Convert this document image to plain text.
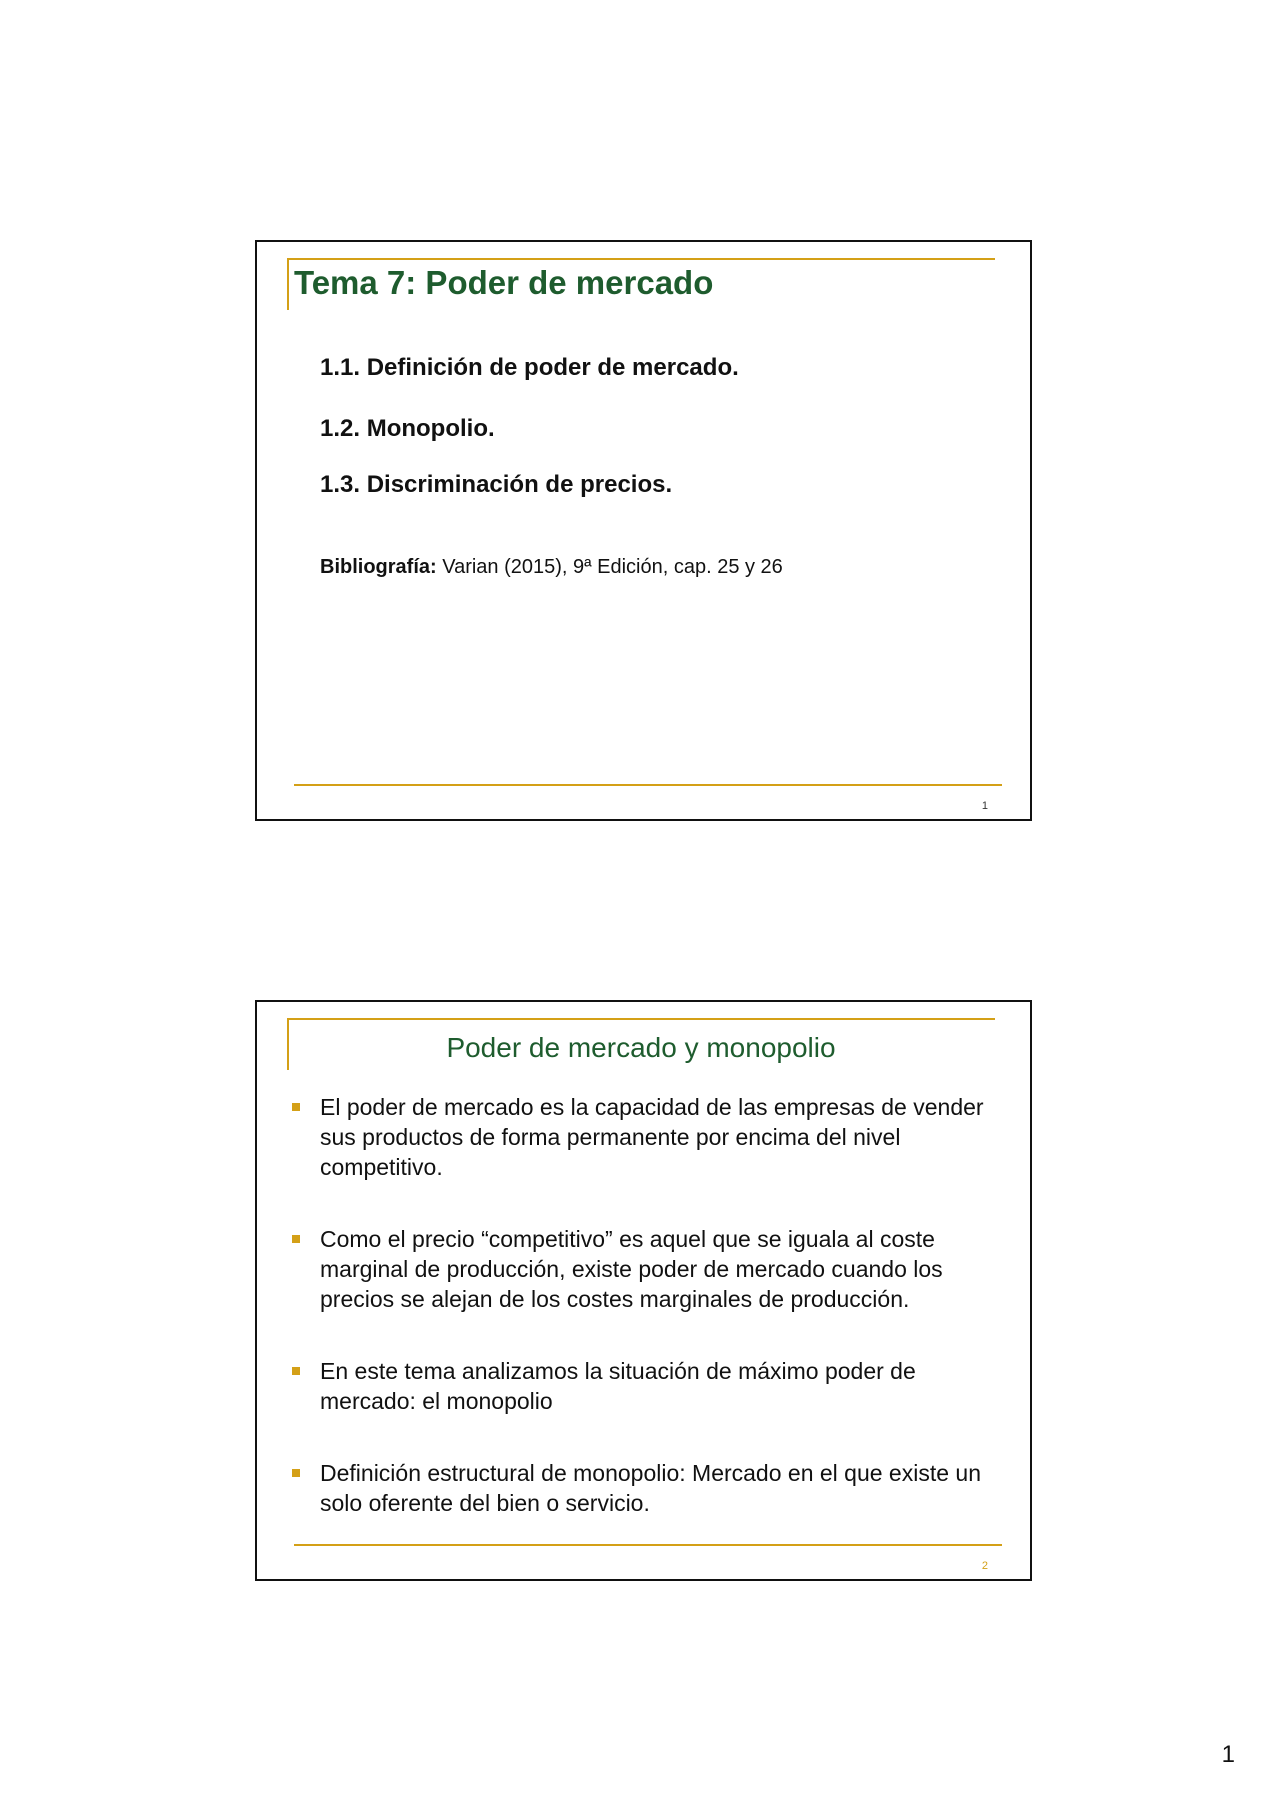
Tema 7: Poder de mercado
1.1. Definición de poder de mercado.
1.2. Monopolio.
1.3. Discriminación de precios.
Bibliografía: Varian (2015), 9ª Edición, cap. 25 y 26
1
Poder de mercado y monopolio
El poder de mercado es la capacidad de las empresas de vender sus productos de forma permanente por encima del nivel competitivo.
Como el precio “competitivo” es aquel que se iguala al coste marginal de producción, existe poder de mercado cuando los precios se alejan de los costes marginales de producción.
En este tema analizamos la situación de máximo poder de mercado: el monopolio
Definición estructural de monopolio: Mercado en el que existe un solo oferente del bien o servicio.
2
1
